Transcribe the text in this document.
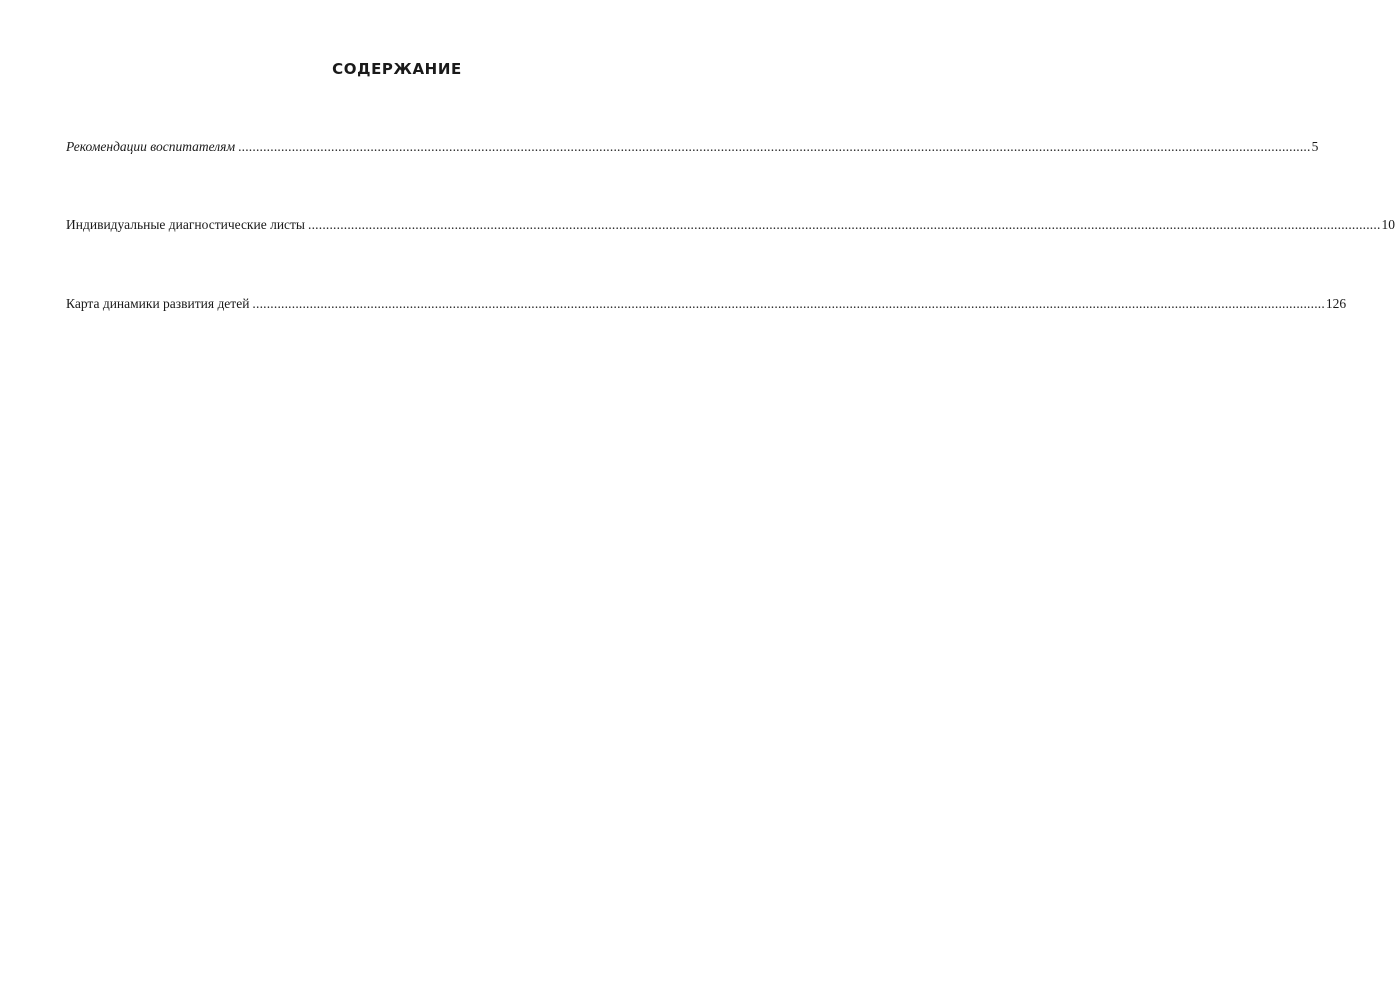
СОДЕРЖАНИЕ
Рекомендации воспитателям ............................................................................................................................................................................................................................................................................................................ 5
Индивидуальные диагностические листы ............................................................................................................................................................................................................................................................................................................ 10
Карта динамики развития детей ............................................................................................................................................................................................................................................................................................................ 126
